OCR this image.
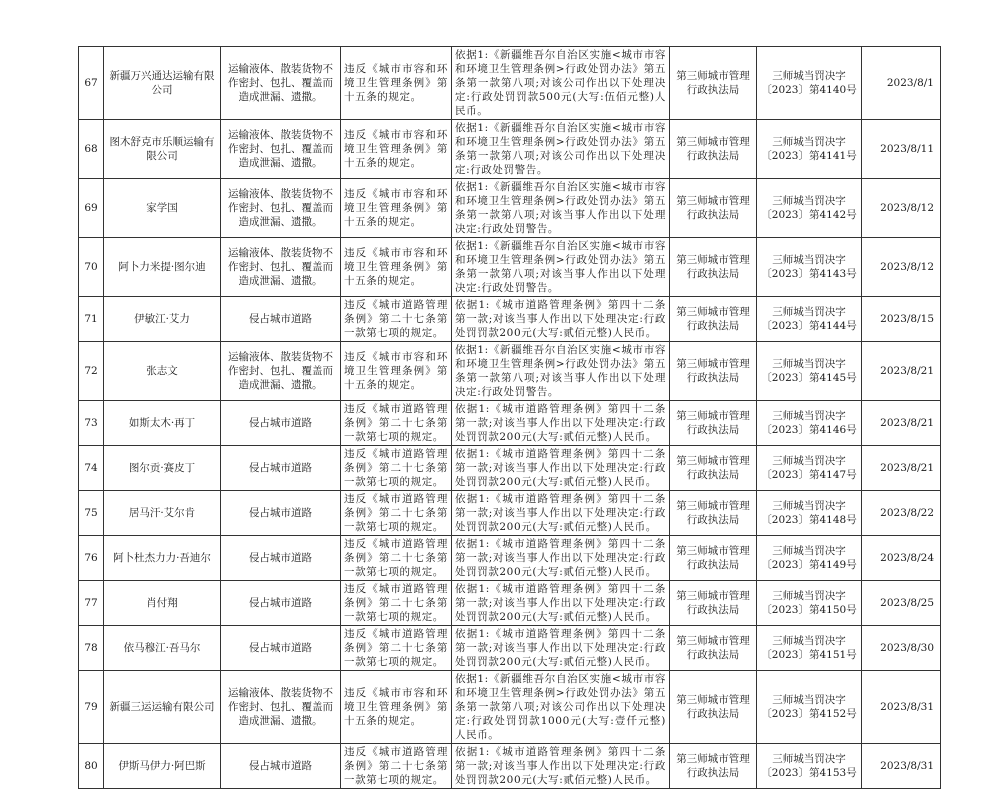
67	新疆万兴通达运输有限公司	运输液体、散装货物不作密封、包扎、覆盖而造成泄漏、遗撒。	违反《城市市容和环境卫生管理条例》第十五条的规定。	依据1:《新疆维吾尔自治区实施<城市市容和环境卫生管理条例>行政处罚办法》第五条第一款第八项;对该公司作出以下处理决定:行政处罚罚款500元(大写:伍佰元整)人民币。	第三师城市管理行政执法局	三师城当罚决字〔2023〕第4140号	2023/8/1
68	图木舒克市乐顺运输有限公司	运输液体、散装货物不作密封、包扎、覆盖而造成泄漏、遗撒。	违反《城市市容和环境卫生管理条例》第十五条的规定。	依据1:《新疆维吾尔自治区实施<城市市容和环境卫生管理条例>行政处罚办法》第五条第一款第八项;对该公司作出以下处理决定:行政处罚警告。	第三师城市管理行政执法局	三师城当罚决字〔2023〕第4141号	2023/8/11
69	家学国	运输液体、散装货物不作密封、包扎、覆盖而造成泄漏、遗撒。	违反《城市市容和环境卫生管理条例》第十五条的规定。	依据1:《新疆维吾尔自治区实施<城市市容和环境卫生管理条例>行政处罚办法》第五条第一款第八项;对该当事人作出以下处理决定:行政处罚警告。	第三师城市管理行政执法局	三师城当罚决字〔2023〕第4142号	2023/8/12
70	阿卜力米提·图尔迪	运输液体、散装货物不作密封、包扎、覆盖而造成泄漏、遗撒。	违反《城市市容和环境卫生管理条例》第十五条的规定。	依据1:《新疆维吾尔自治区实施<城市市容和环境卫生管理条例>行政处罚办法》第五条第一款第八项;对该当事人作出以下处理决定:行政处罚警告。	第三师城市管理行政执法局	三师城当罚决字〔2023〕第4143号	2023/8/12
71	伊敏江·艾力	侵占城市道路	违反《城市道路管理条例》第二十七条第一款第七项的规定。	依据1:《城市道路管理条例》第四十二条第一款;对该当事人作出以下处理决定:行政处罚罚款200元(大写:贰佰元整)人民币。	第三师城市管理行政执法局	三师城当罚决字〔2023〕第4144号	2023/8/15
72	张志文	运输液体、散装货物不作密封、包扎、覆盖而造成泄漏、遗撒。	违反《城市市容和环境卫生管理条例》第十五条的规定。	依据1:《新疆维吾尔自治区实施<城市市容和环境卫生管理条例>行政处罚办法》第五条第一款第八项;对该当事人作出以下处理决定:行政处罚警告。	第三师城市管理行政执法局	三师城当罚决字〔2023〕第4145号	2023/8/21
73	如斯太木·再丁	侵占城市道路	违反《城市道路管理条例》第二十七条第一款第七项的规定。	依据1:《城市道路管理条例》第四十二条第一款;对该当事人作出以下处理决定:行政处罚罚款200元(大写:贰佰元整)人民币。	第三师城市管理行政执法局	三师城当罚决字〔2023〕第4146号	2023/8/21
74	图尔贡·赛皮丁	侵占城市道路	违反《城市道路管理条例》第二十七条第一款第七项的规定。	依据1:《城市道路管理条例》第四十二条第一款;对该当事人作出以下处理决定:行政处罚罚款200元(大写:贰佰元整)人民币。	第三师城市管理行政执法局	三师城当罚决字〔2023〕第4147号	2023/8/21
75	居马汗·艾尔肯	侵占城市道路	违反《城市道路管理条例》第二十七条第一款第七项的规定。	依据1:《城市道路管理条例》第四十二条第一款;对该当事人作出以下处理决定:行政处罚罚款200元(大写:贰佰元整)人民币。	第三师城市管理行政执法局	三师城当罚决字〔2023〕第4148号	2023/8/22
76	阿卜杜杰力力·吾迪尔	侵占城市道路	违反《城市道路管理条例》第二十七条第一款第七项的规定。	依据1:《城市道路管理条例》第四十二条第一款;对该当事人作出以下处理决定:行政处罚罚款200元(大写:贰佰元整)人民币。	第三师城市管理行政执法局	三师城当罚决字〔2023〕第4149号	2023/8/24
77	肖付翔	侵占城市道路	违反《城市道路管理条例》第二十七条第一款第七项的规定。	依据1:《城市道路管理条例》第四十二条第一款;对该当事人作出以下处理决定:行政处罚罚款200元(大写:贰佰元整)人民币。	第三师城市管理行政执法局	三师城当罚决字〔2023〕第4150号	2023/8/25
78	依马穆江·吾马尔	侵占城市道路	违反《城市道路管理条例》第二十七条第一款第七项的规定。	依据1:《城市道路管理条例》第四十二条第一款;对该当事人作出以下处理决定:行政处罚罚款200元(大写:贰佰元整)人民币。	第三师城市管理行政执法局	三师城当罚决字〔2023〕第4151号	2023/8/30
79	新疆三运运输有限公司	运输液体、散装货物不作密封、包扎、覆盖而造成泄漏、遗撒。	违反《城市市容和环境卫生管理条例》第十五条的规定。	依据1:《新疆维吾尔自治区实施<城市市容和环境卫生管理条例>行政处罚办法》第五条第一款第八项;对该公司作出以下处理决定:行政处罚罚款1000元(大写:壹仟元整)人民币。	第三师城市管理行政执法局	三师城当罚决字〔2023〕第4152号	2023/8/31
80	伊斯马伊力·阿巴斯	侵占城市道路	违反《城市道路管理条例》第二十七条第一款第七项的规定。	依据1:《城市道路管理条例》第四十二条第一款;对该当事人作出以下处理决定:行政处罚罚款200元(大写:贰佰元整)人民币。	第三师城市管理行政执法局	三师城当罚决字〔2023〕第4153号	2023/8/31
